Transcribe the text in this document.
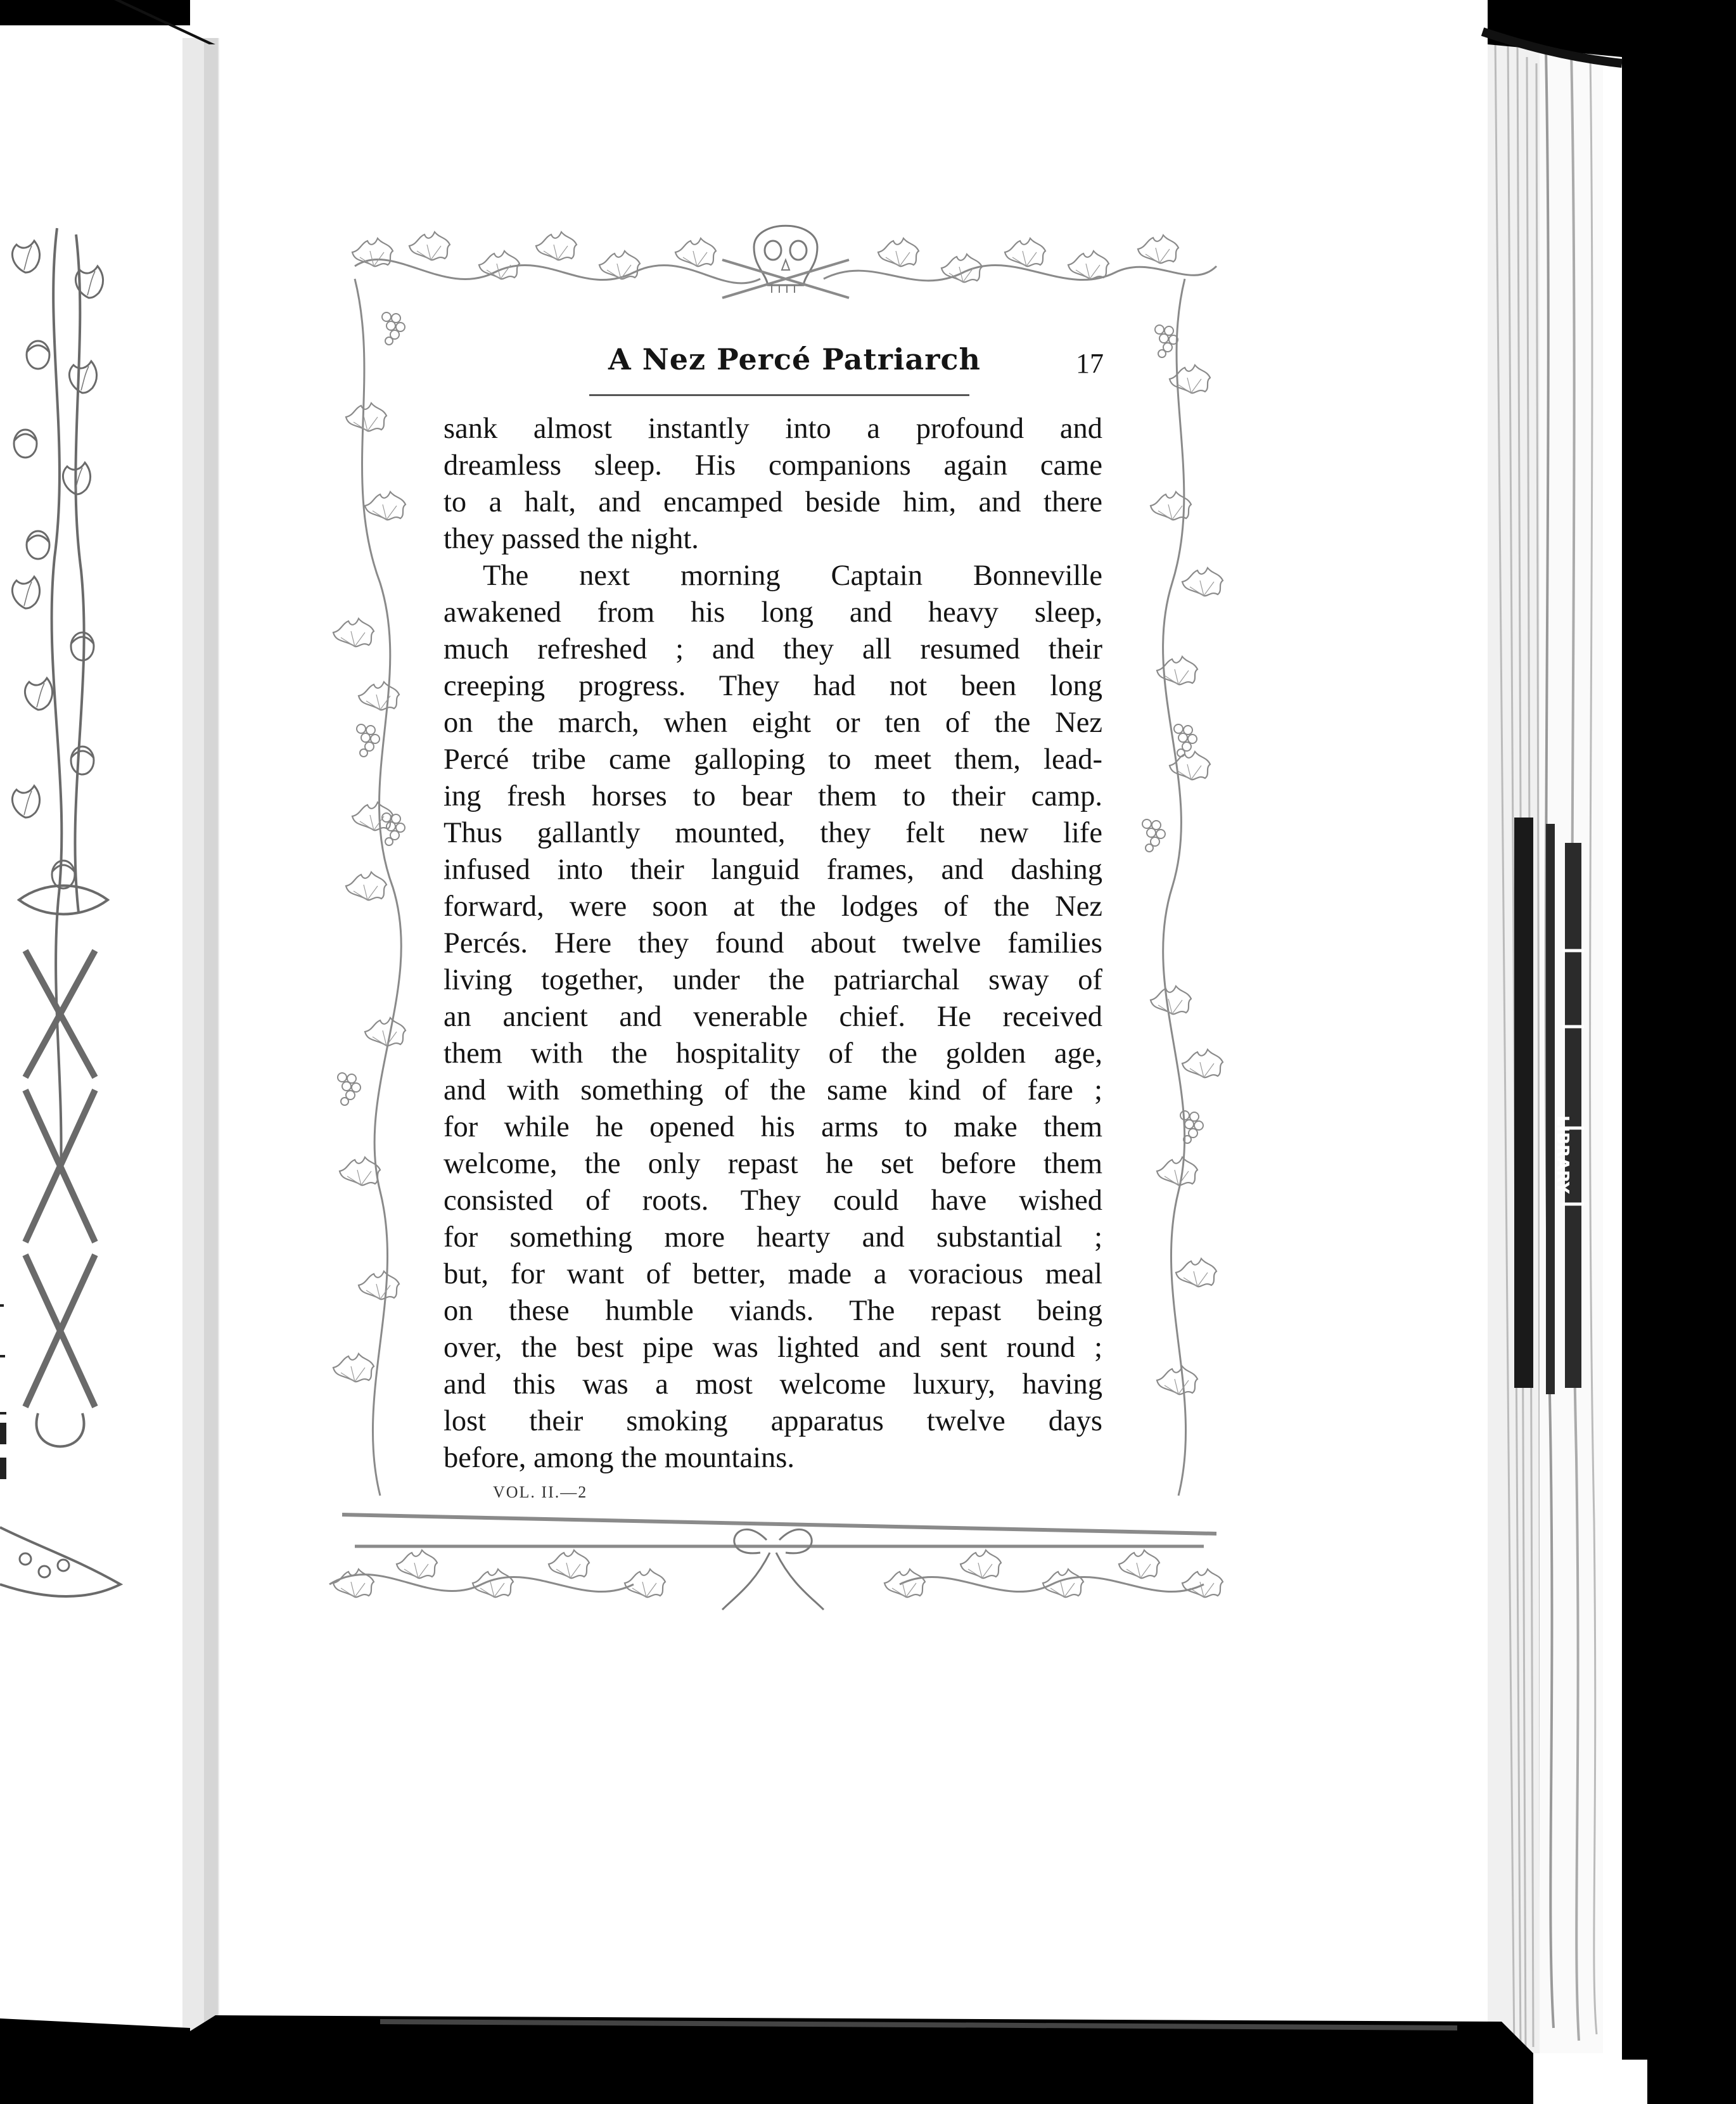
LIBRARY
A Nez Percé Patriarch	17
sank almost instantly into a profound and
dreamless sleep. His companions again came
to a halt, and encamped beside him, and there
they passed the night.
The next morning Captain Bonneville
awakened from his long and heavy sleep,
much refreshed ; and they all resumed their
creeping progress. They had not been long
on the march, when eight or ten of the Nez
Percé tribe came galloping to meet them, lead-
ing fresh horses to bear them to their camp.
Thus gallantly mounted, they felt new life
infused into their languid frames, and dashing
forward, were soon at the lodges of the Nez
Percés. Here they found about twelve families
living together, under the patriarchal sway of
an ancient and venerable chief. He received
them with the hospitality of the golden age,
and with something of the same kind of fare ;
for while he opened his arms to make them
welcome, the only repast he set before them
consisted of roots. They could have wished
for something more hearty and substantial ;
but, for want of better, made a voracious meal
on these humble viands. The repast being
over, the best pipe was lighted and sent round ;
and this was a most welcome luxury, having
lost their smoking apparatus twelve days
before, among the mountains.
VOL. II.—2
